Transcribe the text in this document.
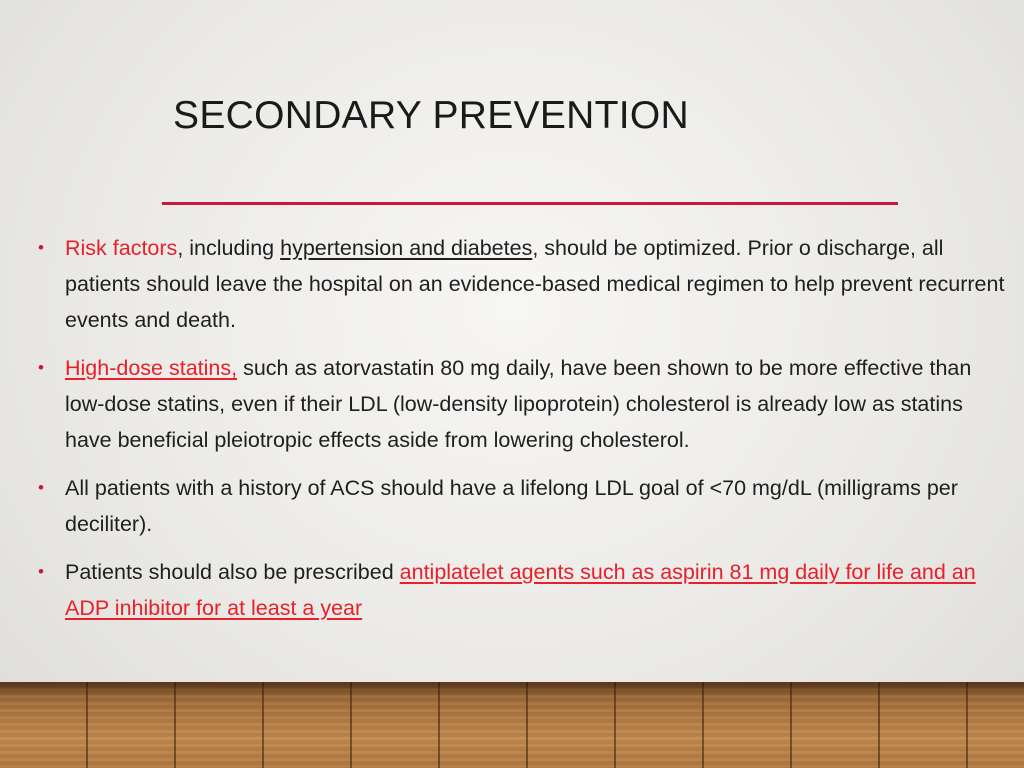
SECONDARY PREVENTION
• Risk factors, including hypertension and diabetes, should be optimized. Prior o discharge, all patients should leave the hospital on an evidence-based medical regimen to help prevent recurrent events and death.
• High-dose statins, such as atorvastatin 80 mg daily, have been shown to be more effective than low-dose statins, even if their LDL (low-density lipoprotein) cholesterol is already low as statins have beneficial pleiotropic effects aside from lowering cholesterol.
• All patients with a history of ACS should have a lifelong LDL goal of <70 mg/dL (milligrams per deciliter).
• Patients should also be prescribed antiplatelet agents such as aspirin 81 mg daily for life and an ADP inhibitor for at least a year
